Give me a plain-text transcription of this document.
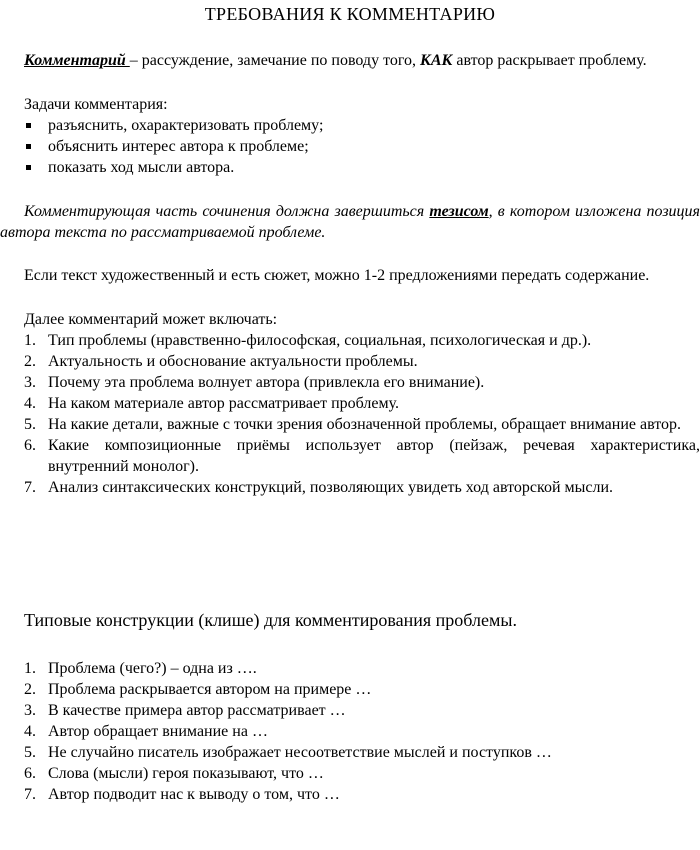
ТРЕБОВАНИЯ К КОММЕНТАРИЮ
Комментарий – рассуждение, замечание по поводу того, КАК автор раскрывает проблему.
Задачи комментария:
разъяснить, охарактеризовать проблему;
объяснить интерес автора к проблеме;
показать ход мысли автора.
Комментирующая часть сочинения должна завершиться тезисом, в котором изложена позиция автора текста по рассматриваемой проблеме.
Если текст художественный и есть сюжет, можно 1-2 предложениями передать содержание.
Далее комментарий может включать:
1. Тип проблемы (нравственно-философская, социальная, психологическая и др.).
2. Актуальность и обоснование актуальности проблемы.
3. Почему эта проблема волнует автора (привлекла его внимание).
4. На каком материале автор рассматривает проблему.
5. На какие детали, важные с точки зрения обозначенной проблемы, обращает внимание автор.
6. Какие композиционные приёмы использует автор (пейзаж, речевая характеристика, внутренний монолог).
7. Анализ синтаксических конструкций, позволяющих увидеть ход авторской мысли.
Типовые конструкции (клише) для комментирования проблемы.
1. Проблема (чего?) – одна из ….
2. Проблема раскрывается автором на примере …
3. В качестве примера автор рассматривает …
4. Автор обращает внимание на …
5. Не случайно писатель изображает несоответствие мыслей и поступков …
6. Слова (мысли) героя показывают, что …
7. Автор подводит нас к выводу о том, что …
